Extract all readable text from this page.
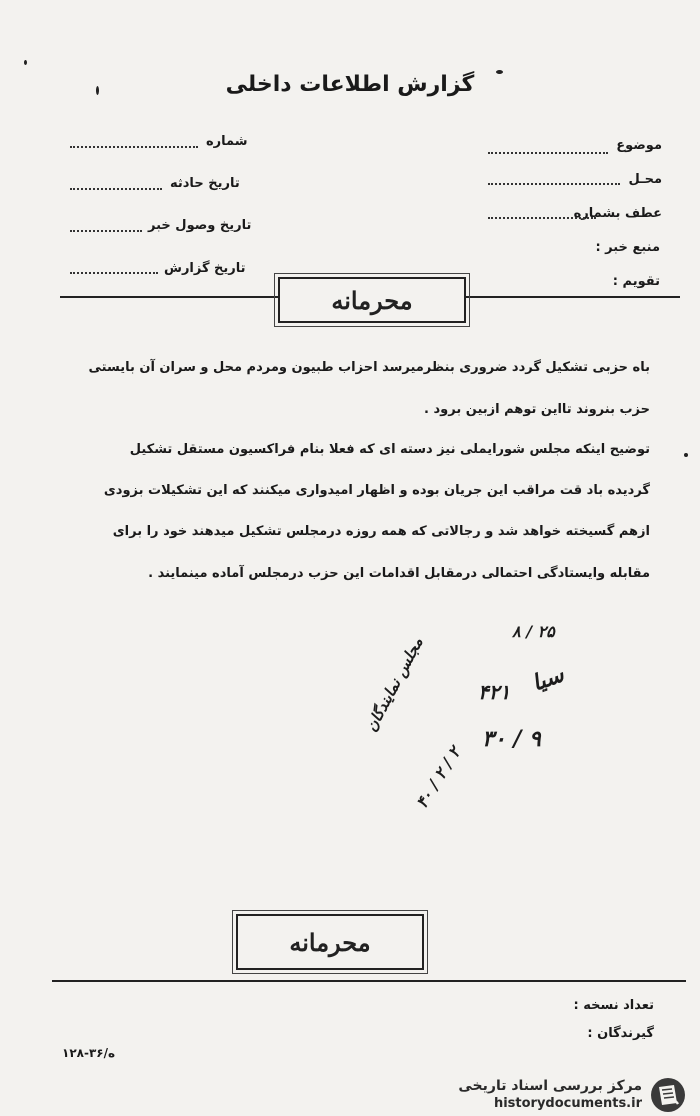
گزارش اطلاعات داخلی
موضوع
محـل
عطف بشماره
منبع خبر :
تقویم :
شماره
تاریخ حادثه
تاریخ وصول خبر
تاریخ گزارش
محرمانه
باه حزبی تشکیل گردد ضروری بنظرمیرسد احزاب طبیون ومردم محل و سران آن بایستی
حزب بنروند تااین توهم ازبین برود .
توضیح اینکه مجلس شورایملی نیز دسته ای که فعلا بنام فراکسیون مستقل تشکیل
گردیده باد قت مراقب این جریان بوده و اظهار امیدواری میکنند که این تشکیلات بزودی
ازهم گسیخته خواهد شد و رجالاتی که همه روزه درمجلس تشکیل میدهند خود را برای
مقابله وایستادگی احتمالی درمقابل اقدامات این حزب درمجلس آماده مینمایند .
۲۵ / ۸
۹ / ۳۰
۴۲۱ سیا
مجلس نمایندگان
۲ / ۲ / ۴۰
محرمانه
تعداد نسخه :
گیرندگان :
۱۲۸-۳۶/ه
مرکز بررسی اسناد تاریخی
historydocuments.ir
